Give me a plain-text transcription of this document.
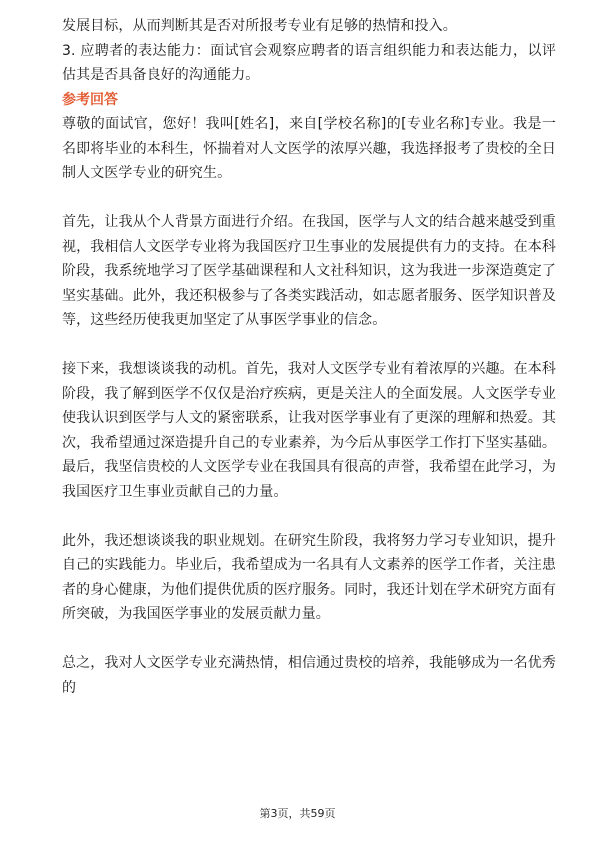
发展目标，从而判断其是否对所报考专业有足够的热情和投入。

3. 应聘者的表达能力：面试官会观察应聘者的语言组织能力和表达能力，以评估其是否具备良好的沟通能力。

参考回答

尊敬的面试官，您好！我叫[姓名]，来自[学校名称]的[专业名称]专业。我是一名即将毕业的本科生，怀揣着对人文医学的浓厚兴趣，我选择报考了贵校的全日制人文医学专业的研究生。

首先，让我从个人背景方面进行介绍。在我国，医学与人文的结合越来越受到重视，我相信人文医学专业将为我国医疗卫生事业的发展提供有力的支持。在本科阶段，我系统地学习了医学基础课程和人文社科知识，这为我进一步深造奠定了坚实基础。此外，我还积极参与了各类实践活动，如志愿者服务、医学知识普及等，这些经历使我更加坚定了从事医学事业的信念。

接下来，我想谈谈我的动机。首先，我对人文医学专业有着浓厚的兴趣。在本科阶段，我了解到医学不仅仅是治疗疾病，更是关注人的全面发展。人文医学专业使我认识到医学与人文的紧密联系，让我对医学事业有了更深的理解和热爱。其次，我希望通过深造提升自己的专业素养，为今后从事医学工作打下坚实基础。最后，我坚信贵校的人文医学专业在我国具有很高的声誉，我希望在此学习，为我国医疗卫生事业贡献自己的力量。

此外，我还想谈谈我的职业规划。在研究生阶段，我将努力学习专业知识，提升自己的实践能力。毕业后，我希望成为一名具有人文素养的医学工作者，关注患者的身心健康，为他们提供优质的医疗服务。同时，我还计划在学术研究方面有所突破，为我国医学事业的发展贡献力量。

总之，我对人文医学专业充满热情，相信通过贵校的培养，我能够成为一名优秀的

第3页，共59页
